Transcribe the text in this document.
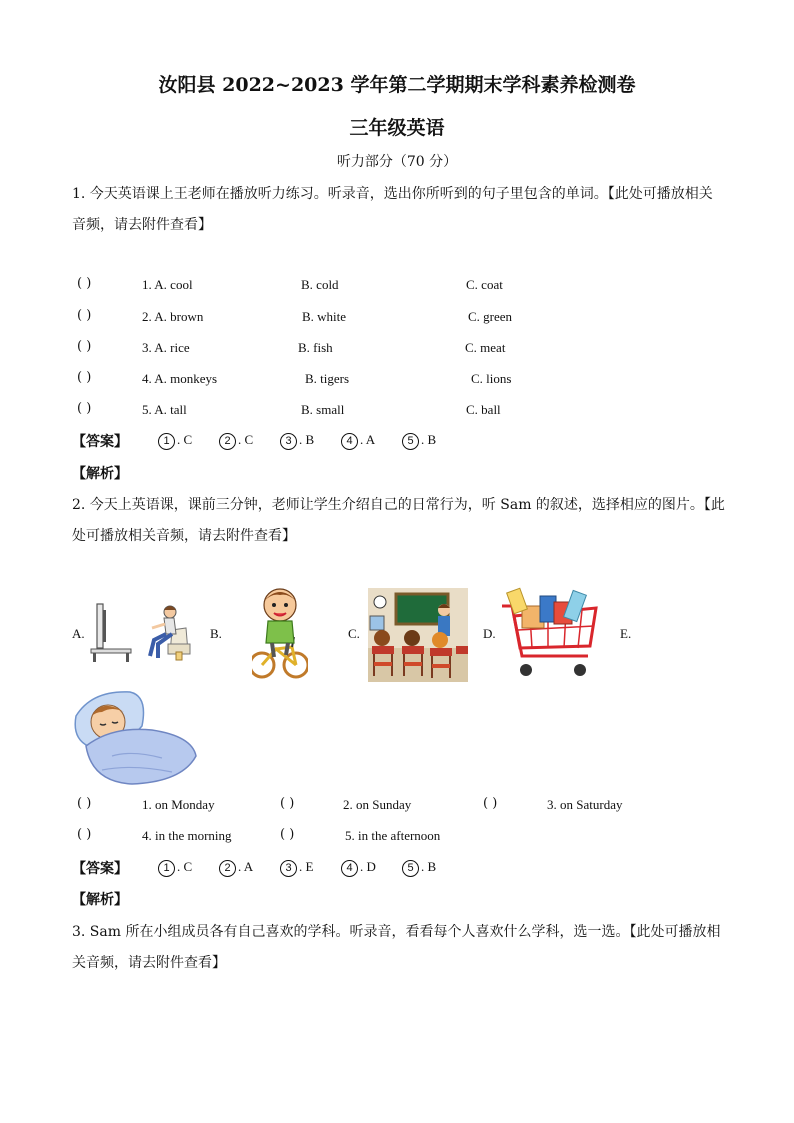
汝阳县 2022~2023 学年第二学期期末学科素养检测卷
三年级英语
听力部分（70 分）
1. 今天英语课上王老师在播放听力练习。听录音，选出你所听到的句子里包含的单词。【此处可播放相关
音频，请去附件查看】
( )	1. A. cool	B. cold	C. coat
( )	2. A. brown	B. white	C. green
( )	3. A. rice	B. fish	C. meat
( )	4. A. monkeys	B. tigers	C. lions
( )	5. A. tall	B. small	C. ball
【答案】	1 . C	2 . C	3 . B	4 . A	5 . B
【解析】
2. 今天上英语课，课前三分钟，老师让学生介绍自己的日常行为，听 Sam 的叙述，选择相应的图片。【此
处可播放相关音频，请去附件查看】
A.	B.	C.	D.	E.
( )	1. on Monday	( )	2. on Sunday	( )	3. on Saturday
( )	4. in the morning	( )	5. in the afternoon
【答案】	1 . C	2 . A	3 . E	4 . D	5 . B
【解析】
3. Sam 所在小组成员各有自己喜欢的学科。听录音，看看每个人喜欢什么学科，选一选。【此处可播放相
关音频，请去附件查看】
